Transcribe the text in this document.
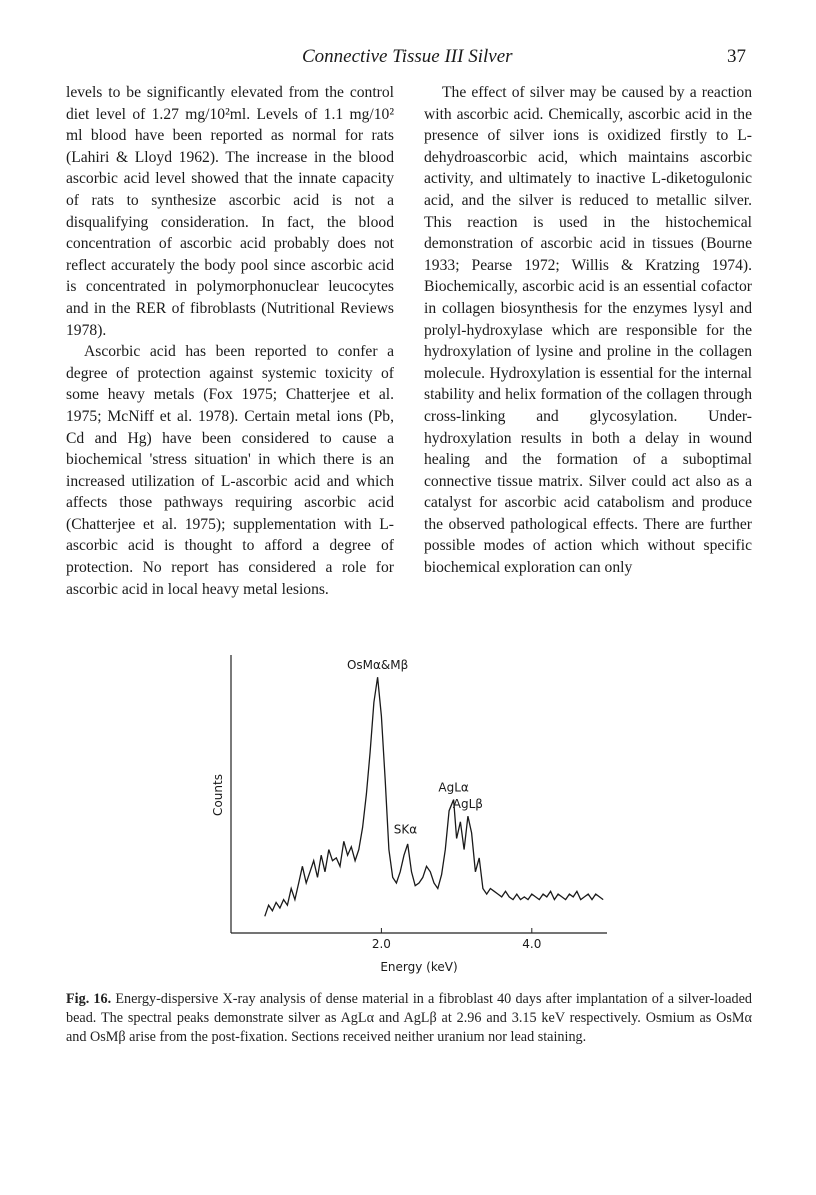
Connective Tissue III Silver	37

levels to be significantly elevated from the control diet level of 1.27 mg/10²ml. Levels of 1.1 mg/10² ml blood have been reported as normal for rats (Lahiri & Lloyd 1962). The increase in the blood ascorbic acid level showed that the innate capacity of rats to synthesize ascorbic acid is not a disqualifying consideration. In fact, the blood concentration of ascorbic acid probably does not reflect accurately the body pool since ascorbic acid is concentrated in polymorphonuclear leucocytes and in the RER of fibroblasts (Nutritional Reviews 1978).

Ascorbic acid has been reported to confer a degree of protection against systemic toxicity of some heavy metals (Fox 1975; Chatterjee et al. 1975; McNiff et al. 1978). Certain metal ions (Pb, Cd and Hg) have been considered to cause a biochemical 'stress situation' in which there is an increased utilization of L-ascorbic acid and which affects those pathways requiring ascorbic acid (Chatterjee et al. 1975); supplementation with L-ascorbic acid is thought to afford a degree of protection. No report has considered a role for ascorbic acid in local heavy metal lesions.

The effect of silver may be caused by a reaction with ascorbic acid. Chemically, ascorbic acid in the presence of silver ions is oxidized firstly to L-dehydroascorbic acid, which maintains ascorbic activity, and ultimately to inactive L-diketogulonic acid, and the silver is reduced to metallic silver. This reaction is used in the histochemical demonstration of ascorbic acid in tissues (Bourne 1933; Pearse 1972; Willis & Kratzing 1974). Biochemically, ascorbic acid is an essential cofactor in collagen biosynthesis for the enzymes lysyl and prolyl-hydroxylase which are responsible for the hydroxylation of lysine and proline in the collagen molecule. Hydroxylation is essential for the internal stability and helix formation of the collagen through cross-linking and glycosylation. Under-hydroxylation results in both a delay in wound healing and the formation of a suboptimal connective tissue matrix. Silver could act also as a catalyst for ascorbic acid catabolism and produce the observed pathological effects. There are further possible modes of action which without specific biochemical exploration can only

2.0	4.0
OsMα&Mβ
SKα
AgLα
AgLβ
Counts
Energy (keV)
Fig. 16. Energy-dispersive X-ray analysis of dense material in a fibroblast 40 days after implantation of a silver-loaded bead. The spectral peaks demonstrate silver as AgLα and AgLβ at 2.96 and 3.15 keV respectively. Osmium as OsMα and OsMβ arise from the post-fixation. Sections received neither uranium nor lead staining.
